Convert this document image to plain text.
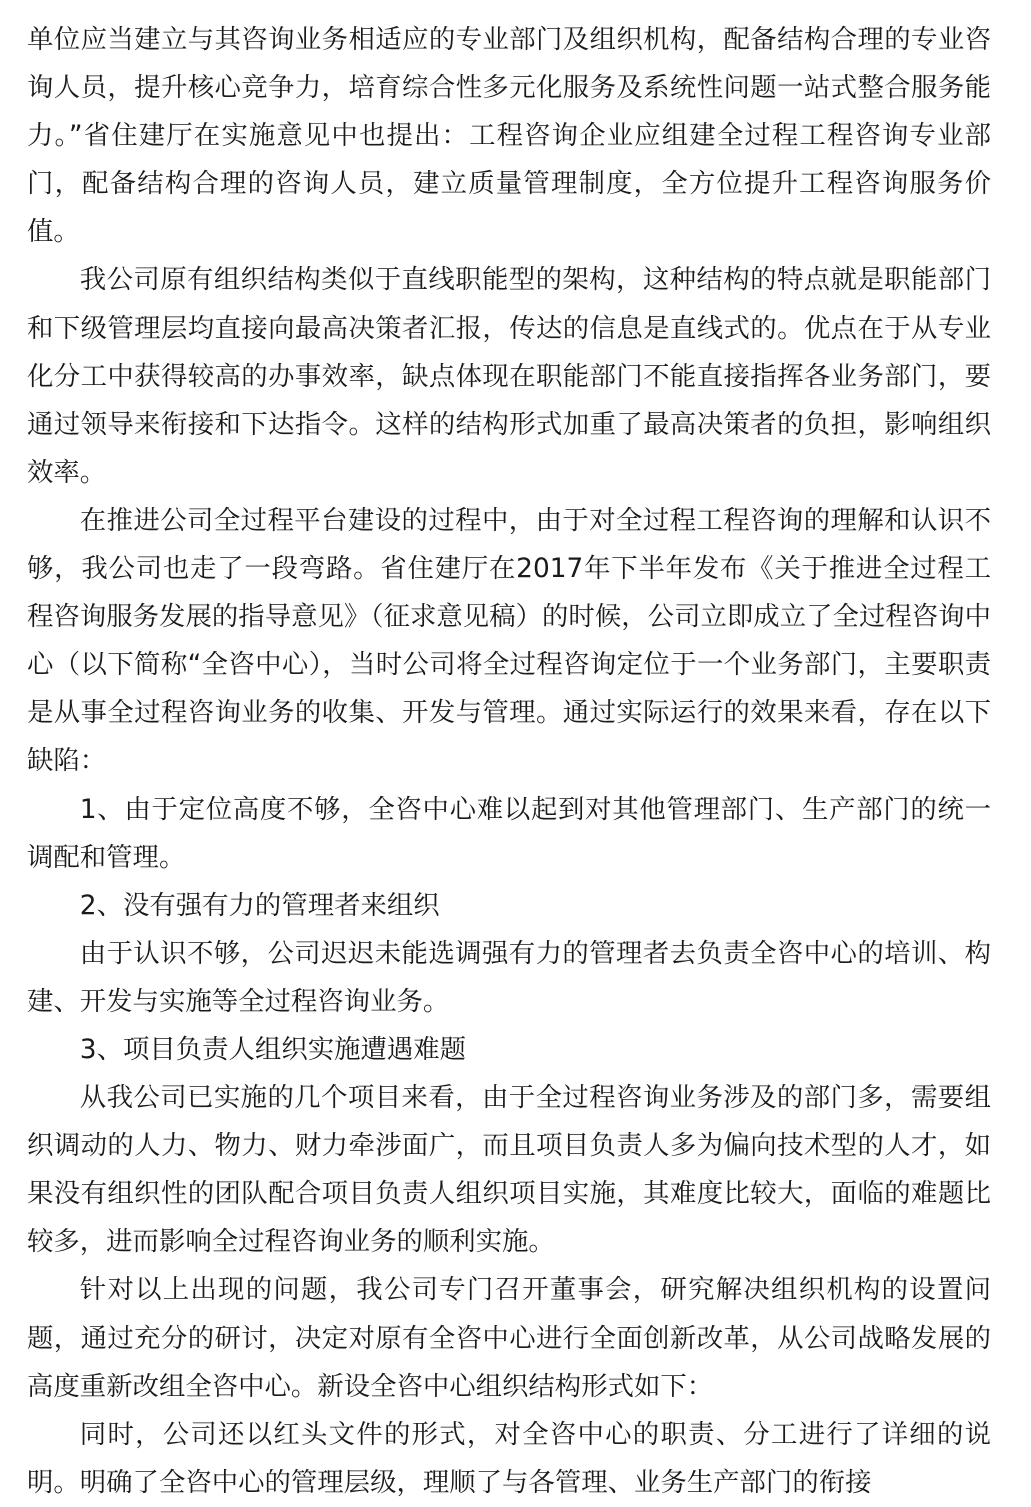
单位应当建立与其咨询业务相适应的专业部门及组织机构，配备结构合理的专业咨询人员，提升核心竞争力，培育综合性多元化服务及系统性问题一站式整合服务能力。”省住建厅在实施意见中也提出：工程咨询企业应组建全过程工程咨询专业部门，配备结构合理的咨询人员，建立质量管理制度，全方位提升工程咨询服务价值。

我公司原有组织结构类似于直线职能型的架构，这种结构的特点就是职能部门和下级管理层均直接向最高决策者汇报，传达的信息是直线式的。优点在于从专业化分工中获得较高的办事效率，缺点体现在职能部门不能直接指挥各业务部门，要通过领导来衔接和下达指令。这样的结构形式加重了最高决策者的负担，影响组织效率。

在推进公司全过程平台建设的过程中，由于对全过程工程咨询的理解和认识不够，我公司也走了一段弯路。省住建厅在2017年下半年发布《关于推进全过程工程咨询服务发展的指导意见》（征求意见稿）的时候，公司立即成立了全过程咨询中心（以下简称“全咨中心），当时公司将全过程咨询定位于一个业务部门，主要职责是从事全过程咨询业务的收集、开发与管理。通过实际运行的效果来看，存在以下缺陷：

1、由于定位高度不够，全咨中心难以起到对其他管理部门、生产部门的统一调配和管理。

2、没有强有力的管理者来组织

由于认识不够，公司迟迟未能选调强有力的管理者去负责全咨中心的培训、构建、开发与实施等全过程咨询业务。

3、项目负责人组织实施遭遇难题

从我公司已实施的几个项目来看，由于全过程咨询业务涉及的部门多，需要组织调动的人力、物力、财力牵涉面广，而且项目负责人多为偏向技术型的人才，如果没有组织性的团队配合项目负责人组织项目实施，其难度比较大，面临的难题比较多，进而影响全过程咨询业务的顺利实施。

针对以上出现的问题，我公司专门召开董事会，研究解决组织机构的设置问题，通过充分的研讨，决定对原有全咨中心进行全面创新改革，从公司战略发展的高度重新改组全咨中心。新设全咨中心组织结构形式如下：

同时，公司还以红头文件的形式，对全咨中心的职责、分工进行了详细的说明。明确了全咨中心的管理层级，理顺了与各管理、业务生产部门的衔接
